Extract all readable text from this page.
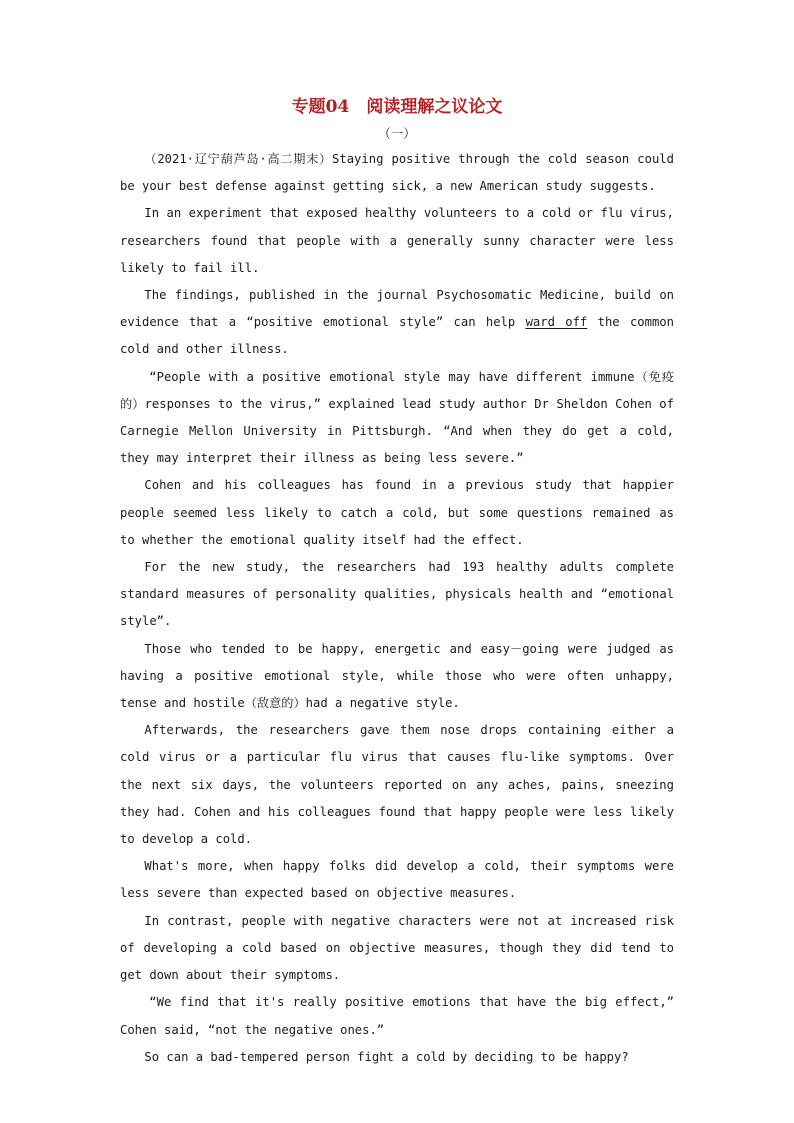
专题04　阅读理解之议论文
（一）

（2021·辽宁葫芦岛·高二期末）Staying positive through the cold season could be your best defense against getting sick, a new American study suggests.

In an experiment that exposed healthy volunteers to a cold or flu virus, researchers found that people with a generally sunny character were less likely to fail ill.

The findings, published in the journal Psychosomatic Medicine, build on evidence that a “positive emotional style” can help ward off the common cold and other illness.

“People with a positive emotional style may have different immune（免疫的）responses to the virus,” explained lead study author Dr Sheldon Cohen of Carnegie Mellon University in Pittsburgh. “And when they do get a cold, they may interpret their illness as being less severe.”

Cohen and his colleagues has found in a previous study that happier people seemed less likely to catch a cold, but some questions remained as to whether the emotional quality itself had the effect.

For the new study, the researchers had 193 healthy adults complete standard measures of personality qualities, physicals health and “emotional style”.

Those who tended to be happy, energetic and easy－going were judged as having a positive emotional style, while those who were often unhappy, tense and hostile（敌意的）had a negative style.

Afterwards, the researchers gave them nose drops containing either a cold virus or a particular flu virus that causes flu-like symptoms. Over the next six days, the volunteers reported on any aches, pains, sneezing they had. Cohen and his colleagues found that happy people were less likely to develop a cold.

What's more, when happy folks did develop a cold, their symptoms were less severe than expected based on objective measures.

In contrast, people with negative characters were not at increased risk of developing a cold based on objective measures, though they did tend to get down about their symptoms.

“We find that it's really positive emotions that have the big effect,” Cohen said, “not the negative ones.”

So can a bad-tempered person fight a cold by deciding to be happy?
